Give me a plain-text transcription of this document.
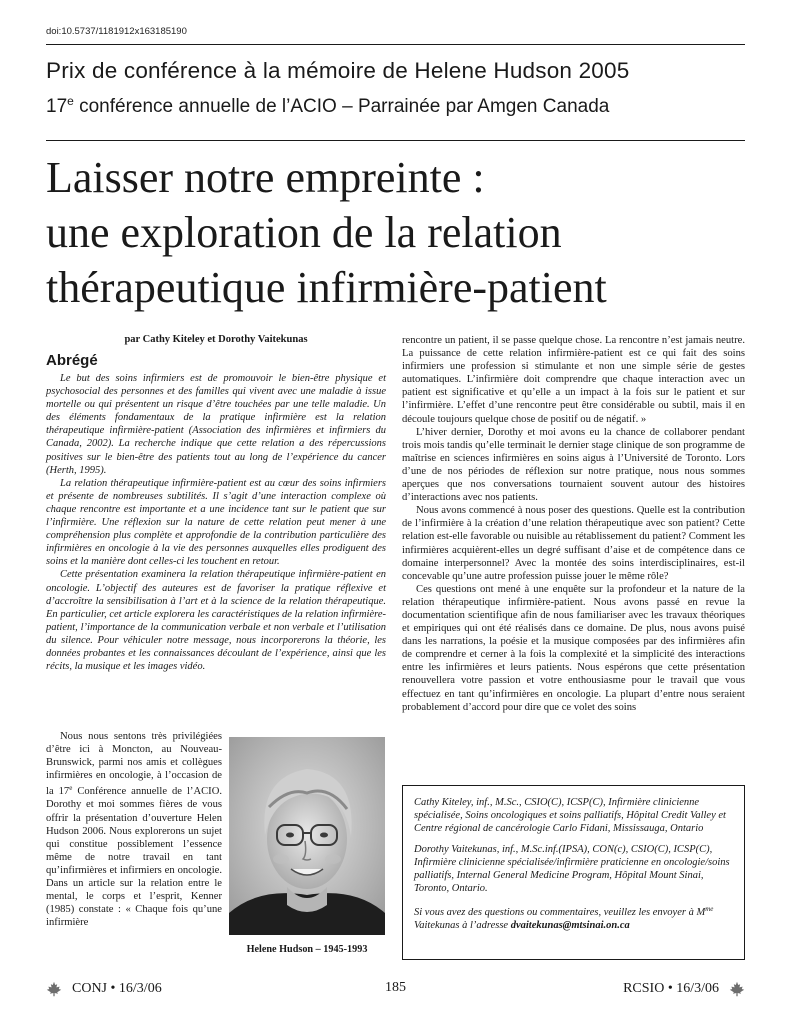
doi:10.5737/1181912x163185190
Prix de conférence à la mémoire de Helene Hudson 2005
17e conférence annuelle de l’ACIO – Parrainée par Amgen Canada
Laisser notre empreinte :
une exploration de la relation
thérapeutique infirmière-patient
par Cathy Kiteley et Dorothy Vaitekunas
Abrégé

Le but des soins infirmiers est de promouvoir le bien-être physique et psychosocial des personnes et des familles qui vivent avec une maladie à issue mortelle ou qui présentent un risque d’être touchées par une telle maladie. Un des éléments fondamentaux de la pratique infirmière est la relation thérapeutique infirmière-patient (Association des infirmières et infirmiers du Canada, 2002). La recherche indique que cette relation a des répercussions positives sur le bien-être des patients tout au long de l’expérience du cancer (Herth, 1995).

La relation thérapeutique infirmière-patient est au cœur des soins infirmiers et présente de nombreuses subtilités. Il s’agit d’une interaction complexe où chaque rencontre est importante et a une incidence tant sur le patient que sur l’infirmière. Une réflexion sur la nature de cette relation peut mener à une compréhension plus complète et approfondie de la contribution particulière des infirmières en oncologie à la vie des personnes auxquelles elles prodiguent des soins et la manière dont celles-ci les touchent en retour.

Cette présentation examinera la relation thérapeutique infirmière-patient en oncologie. L’objectif des auteures est de favoriser la pratique réflexive et d’accroître la sensibilisation à l’art et à la science de la relation thérapeutique. En particulier, cet article explorera les caractéristiques de la relation infirmière-patient, l’importance de la communication verbale et non verbale et l’utilisation du silence. Pour véhiculer notre message, nous incorporerons la théorie, les données probantes et les connaissances découlant de l’expérience, ainsi que les récits, la musique et les images vidéo.

Nous nous sentons très privilégiées d’être ici à Moncton, au Nouveau-Brunswick, parmi nos amis et collègues infirmières en oncologie, à l’occasion de la 17e Conférence annuelle de l’ACIO. Dorothy et moi sommes fières de vous offrir la présentation d’ouverture Helen Hudson 2006. Nous explorerons un sujet qui constitue possiblement l’essence même de notre travail en tant qu’infirmières et infirmiers en oncologie. Dans un article sur la relation entre le mental, le corps et l’esprit, Kenner (1985) constate : « Chaque fois qu’une infirmière

Helene Hudson – 1945-1993

rencontre un patient, il se passe quelque chose. La rencontre n’est jamais neutre. La puissance de cette relation infirmière-patient est ce qui fait des soins infirmiers une profession si stimulante et non une simple série de gestes automatiques. L’infirmière doit comprendre que chaque interaction avec un patient est significative et qu’elle a un impact à la fois sur le patient et sur l’infirmière. L’effet d’une rencontre peut être considérable ou subtil, mais il en découle toujours quelque chose de positif ou de négatif. »

L’hiver dernier, Dorothy et moi avons eu la chance de collaborer pendant trois mois tandis qu’elle terminait le dernier stage clinique de son programme de maîtrise en sciences infirmières en soins aigus à l’Université de Toronto. Lors d’une de nos périodes de réflexion sur notre pratique, nous nous sommes aperçues que nos conversations tournaient souvent autour des histoires d’interactions avec nos patients.

Nous avons commencé à nous poser des questions. Quelle est la contribution de l’infirmière à la création d’une relation thérapeutique avec son patient? Cette relation est-elle favorable ou nuisible au rétablissement du patient? Comment les infirmières acquièrent-elles un degré suffisant d’aise et de compétence dans ce domaine interpersonnel? Avec la montée des soins interdisciplinaires, est-il concevable qu’une autre profession puisse jouer le même rôle?

Ces questions ont mené à une enquête sur la profondeur et la nature de la relation thérapeutique infirmière-patient. Nous avons passé en revue la documentation scientifique afin de nous familiariser avec les travaux théoriques et empiriques qui ont été réalisés dans ce domaine. De plus, nous avons puisé dans les narrations, la poésie et la musique composées par des infirmières afin de comprendre et cerner à la fois la complexité et la simplicité des interactions entre les infirmières et leurs patients. Nous espérons que cette présentation renouvellera votre passion et votre enthousiasme pour le travail que vous effectuez en tant qu’infirmières en oncologie. La plupart d’entre nous seraient probablement d’accord pour dire que ce volet des soins

Cathy Kiteley, inf., M.Sc., CSIO(C), ICSP(C), Infirmière clinicienne spécialisée, Soins oncologiques et soins palliatifs, Hôpital Credit Valley et Centre régional de cancérologie Carlo Fidani, Mississauga, Ontario

Dorothy Vaitekunas, inf., M.Sc.inf.(IPSA), CON(c), CSIO(C), ICSP(C), Infirmière clinicienne spécialisée/infirmière praticienne en oncologie/soins palliatifs, Internal General Medicine Program, Hôpital Mount Sinai, Toronto, Ontario.

Si vous avez des questions ou commentaires, veuillez les envoyer à $M^{me}$ Vaitekunas à l’adresse dvaitekunas@mtsinai.on.ca

CONJ • 16/3/06	185	RCSIO • 16/3/06
